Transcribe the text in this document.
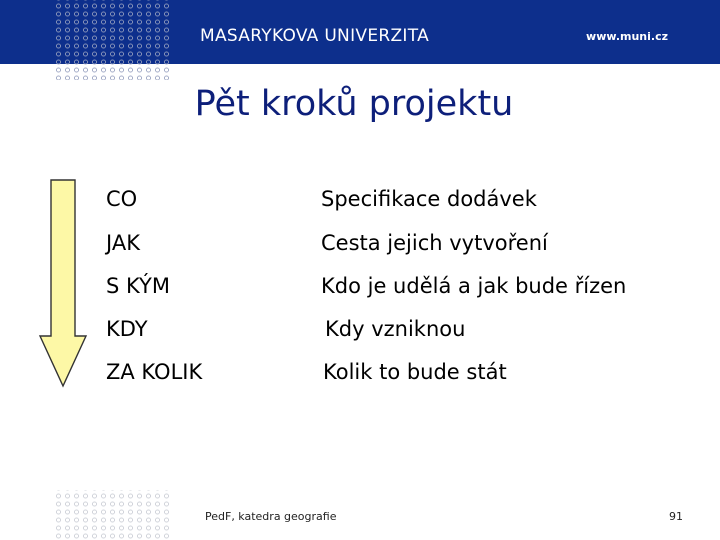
MASARYKOVA UNIVERZITA	www.muni.cz
Pět kroků projektu
CO	Specifikace dodávek
JAK	Cesta jejich vytvoření
S KÝM	Kdo je udělá a jak bude řízen
KDY	Kdy vzniknou
ZA KOLIK	Kolik to bude stát
PedF, katedra geografie	91
